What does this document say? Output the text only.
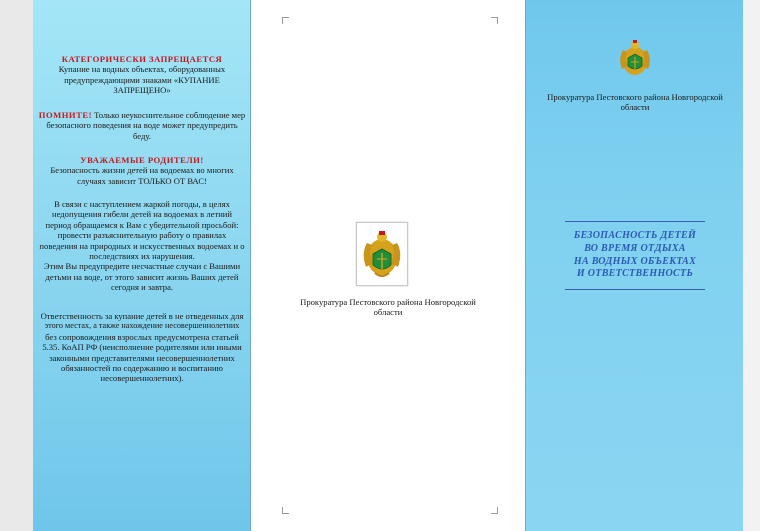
КАТЕГОРИЧЕСКИ ЗАПРЕЩАЕТСЯ
Купание на водных объектах, оборудованных
предупреждающими знаками «КУПАНИЕ
ЗАПРЕЩЕНО»
ПОМНИТЕ! Только неукоснительное соблюдение мер
безопасного поведения на воде может предупредить
беду.
УВАЖАЕМЫЕ РОДИТЕЛИ!
Безопасность жизни детей на водоемах во многих
случаях зависит ТОЛЬКО ОТ ВАС!
В связи с наступлением жаркой погоды, в целях
недопущения гибели детей на водоемах в летний
период обращаемся к Вам с убедительной просьбой:
провести разъяснительную работу о правилах
поведения на природных и искусственных водоемах и о
последствиях их нарушения.
Этим Вы предупредите несчастные случаи с Вашими
детьми на воде, от этого зависит жизнь Ваших детей
сегодня и завтра.
Ответственность за купание детей в не отведенных для
этого местах, а также нахождение несовершеннолетних
без сопровождения взрослых предусмотрена статьей
5.35. КоАП РФ (неисполнение родителями или иными
законными представителями несовершеннолетних
обязанностей по содержанию и воспитанию
несовершеннолетних).
Прокуратура Пестовского района Новгородской
области
Прокуратура Пестовского района Новгородской
области
БЕЗОПАСНОСТЬ ДЕТЕЙ
ВО ВРЕМЯ ОТДЫХА
НА ВОДНЫХ ОБЪЕКТАХ
И ОТВЕТСТВЕННОСТЬ
